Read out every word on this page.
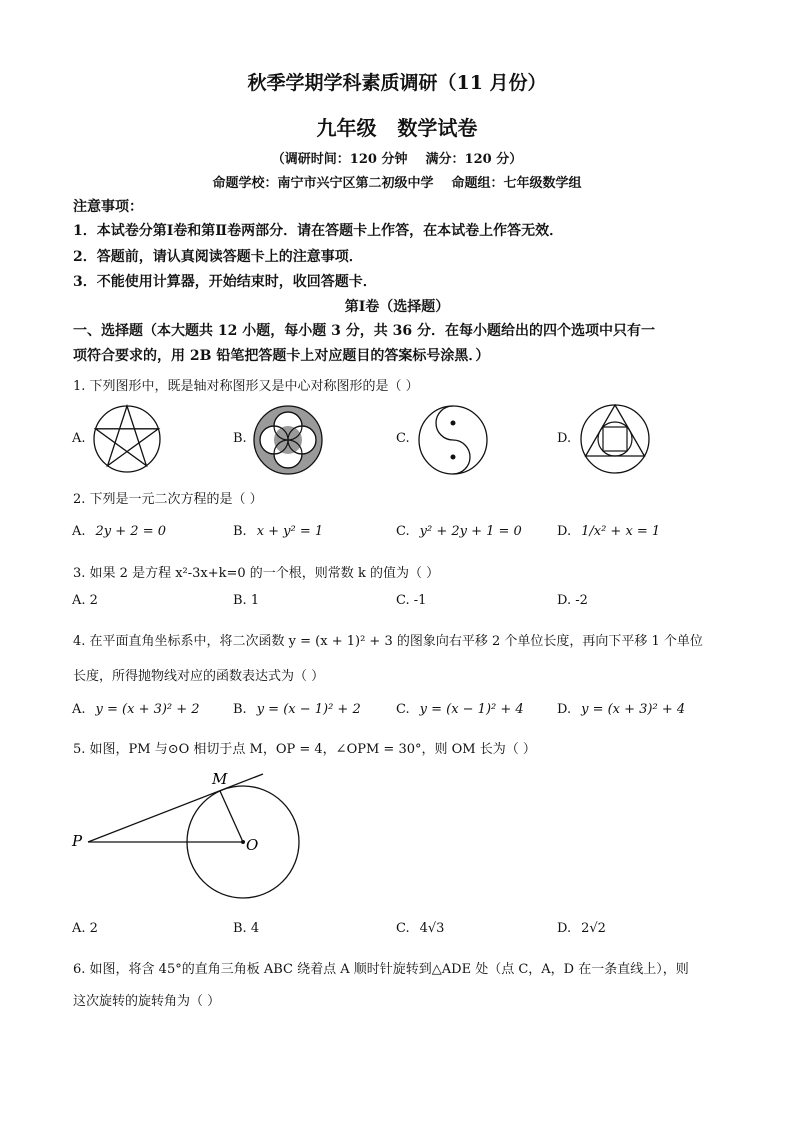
秋季学期学科素质调研（11 月份）
九年级   数学试卷
（调研时间：120 分钟    满分：120 分）
命题学校：南宁市兴宁区第二初级中学    命题组：七年级数学组
注意事项：
1．本试卷分第Ⅰ卷和第Ⅱ卷两部分．请在答题卡上作答，在本试卷上作答无效．
2．答题前，请认真阅读答题卡上的注意事项．
3．不能使用计算器，开始结束时，收回答题卡．
第Ⅰ卷（选择题）
一、选择题（本大题共 12 小题，每小题 3 分，共 36 分．在每小题给出的四个选项中只有一
项符合要求的，用 2B 铅笔把答题卡上对应题目的答案标号涂黑．）
1. 下列图形中，既是轴对称图形又是中心对称图形的是（ ）
A.	B.	C.	D.
2. 下列是一元二次方程的是（ ）
A. 2y + 2 = 0	B. x + y² = 1	C. y² + 2y + 1 = 0	D. 1/x² + x = 1
3. 如果 2 是方程 x²-3x+k=0 的一个根，则常数 k 的值为（ ）
A. 2	B. 1	C. -1	D. -2
4. 在平面直角坐标系中，将二次函数 y = (x + 1)² + 3 的图象向右平移 2 个单位长度，再向下平移 1 个单位
长度，所得抛物线对应的函数表达式为（ ）
A. y = (x + 3)² + 2	B. y = (x − 1)² + 2	C. y = (x − 1)² + 4	D. y = (x + 3)² + 4
5. 如图，PM 与⊙O 相切于点 M，OP = 4，∠OPM = 30°，则 OM 长为（ ）
M
P	O
A. 2	B. 4	C. 4√3	D. 2√2
6. 如图，将含 45°的直角三角板 ABC 绕着点 A 顺时针旋转到△ADE 处（点 C，A，D 在一条直线上），则
这次旋转的旋转角为（ ）
